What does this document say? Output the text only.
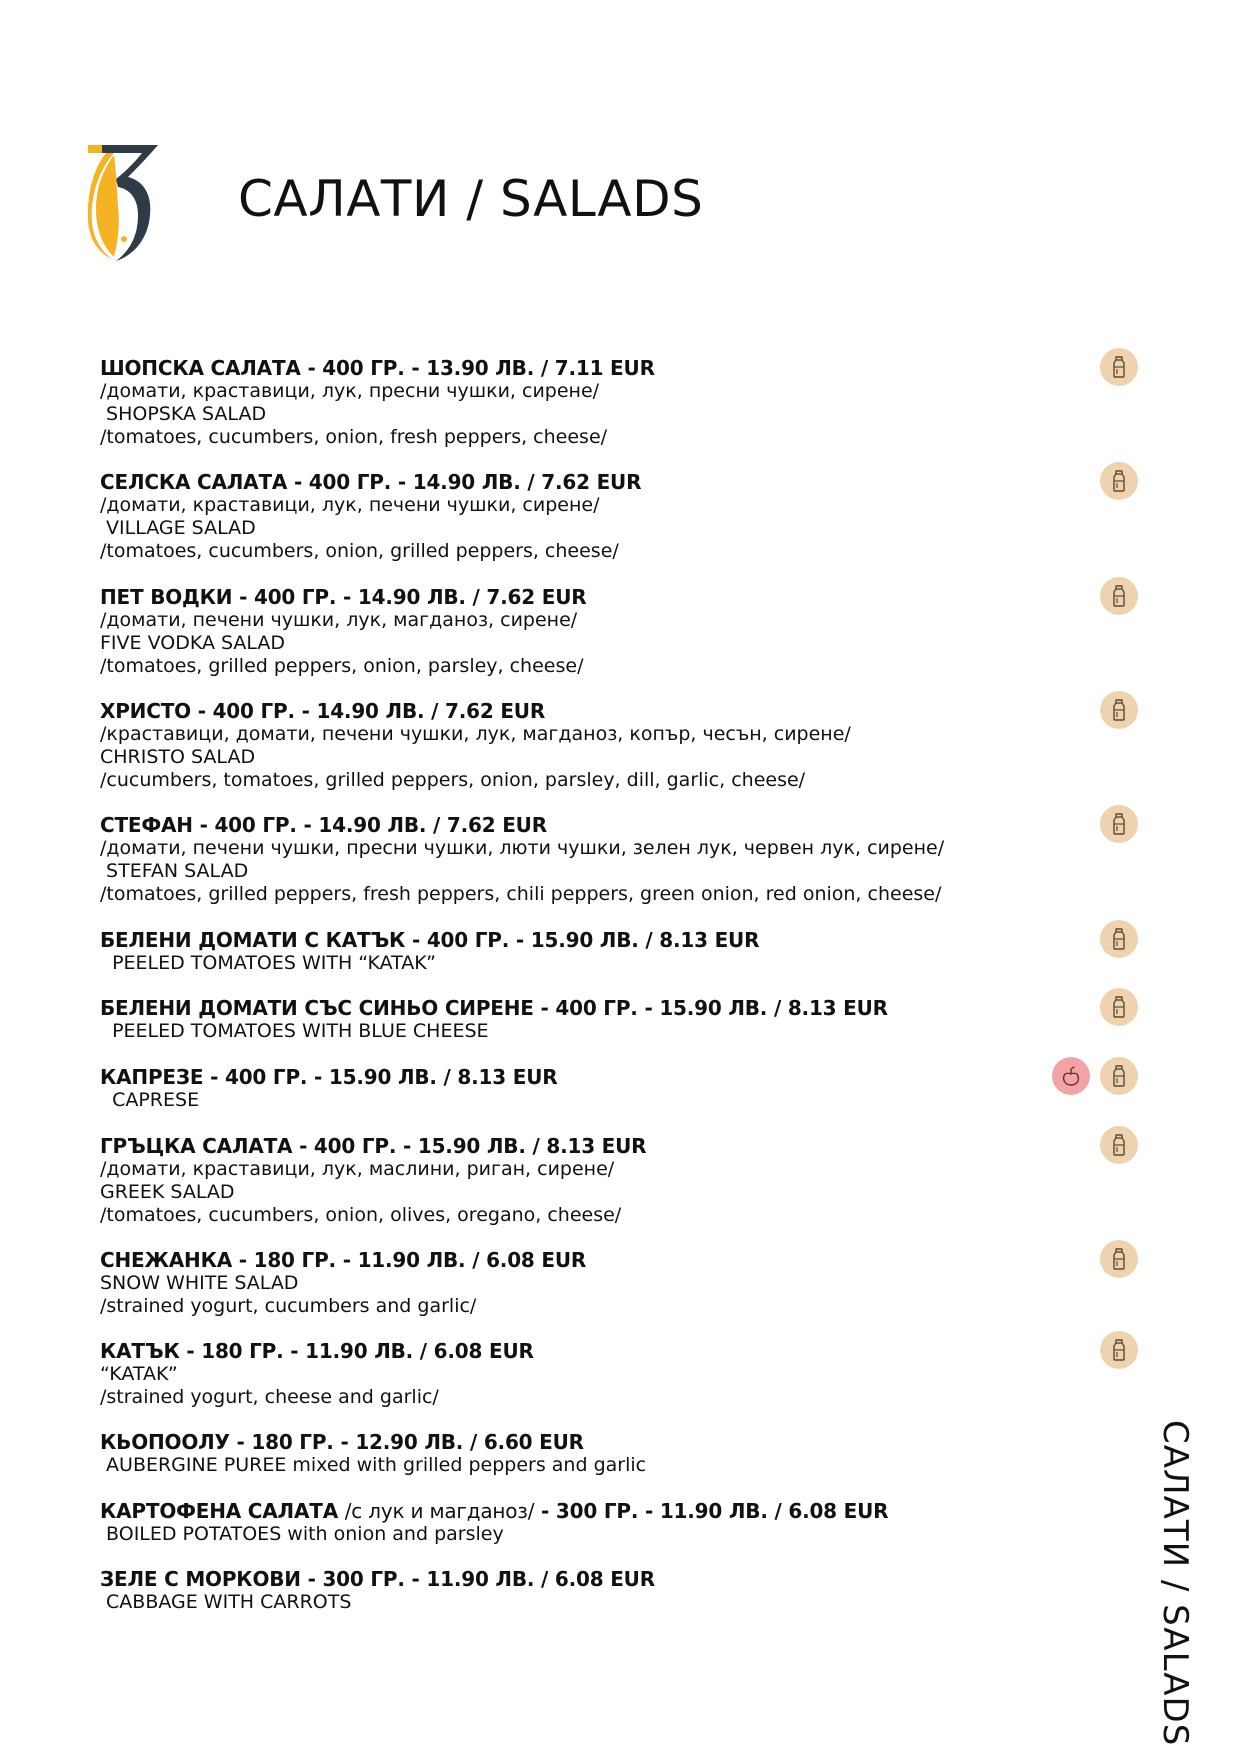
САЛАТИ / SALADS
ШОПСКА САЛАТА - 400 ГР. - 13.90 ЛВ. / 7.11 EUR
/домати, краставици, лук, пресни чушки, сирене/
SHOPSKA SALAD
/tomatoes, cucumbers, onion, fresh peppers, cheese/
СЕЛСКА САЛАТА - 400 ГР. - 14.90 ЛВ. / 7.62 EUR
/домати, краставици, лук, печени чушки, сирене/
VILLAGE SALAD
/tomatoes, cucumbers, onion, grilled peppers, cheese/
ПЕТ ВОДКИ - 400 ГР. - 14.90 ЛВ. / 7.62 EUR
/домати, печени чушки, лук, магданоз, сирене/
FIVE VODKA SALAD
/tomatoes, grilled peppers, onion, parsley, cheese/
ХРИСТО - 400 ГР. - 14.90 ЛВ. / 7.62 EUR
/краставици, домати, печени чушки, лук, магданоз, копър, чесън, сирене/
CHRISTO SALAD
/cucumbers, tomatoes, grilled peppers, onion, parsley, dill, garlic, cheese/
СТЕФАН - 400 ГР. - 14.90 ЛВ. / 7.62 EUR
/домати, печени чушки, пресни чушки, люти чушки, зелен лук, червен лук, сирене/
STEFAN SALAD
/tomatoes, grilled peppers, fresh peppers, chili peppers, green onion, red onion, cheese/
БЕЛЕНИ ДОМАТИ С КАТЪК - 400 ГР. - 15.90 ЛВ. / 8.13 EUR
PEELED TOMATOES WITH “KATAK”
БЕЛЕНИ ДОМАТИ СЪС СИНЬО СИРЕНЕ - 400 ГР. - 15.90 ЛВ. / 8.13 EUR
PEELED TOMATOES WITH BLUE CHEESE
КАПРЕЗЕ - 400 ГР. - 15.90 ЛВ. / 8.13 EUR
CAPRESE
ГРЪЦКА САЛАТА - 400 ГР. - 15.90 ЛВ. / 8.13 EUR
/домати, краставици, лук, маслини, риган, сирене/
GREEK SALAD
/tomatoes, cucumbers, onion, olives, oregano, cheese/
СНЕЖАНКА - 180 ГР. - 11.90 ЛВ. / 6.08 EUR
SNOW WHITE SALAD
/strained yogurt, cucumbers and garlic/
КАТЪК - 180 ГР. - 11.90 ЛВ. / 6.08 EUR
“KATAK”
/strained yogurt, cheese and garlic/
КЬОПООЛУ - 180 ГР. - 12.90 ЛВ. / 6.60 EUR
AUBERGINE PUREE mixed with grilled peppers and garlic
КАРТОФЕНА САЛАТА /с лук и магданоз/ - 300 ГР. - 11.90 ЛВ. / 6.08 EUR
BOILED POTATOES with onion and parsley
ЗЕЛЕ С МОРКОВИ - 300 ГР. - 11.90 ЛВ. / 6.08 EUR
CABBAGE WITH CARROTS	САЛАТИ / SALADS
